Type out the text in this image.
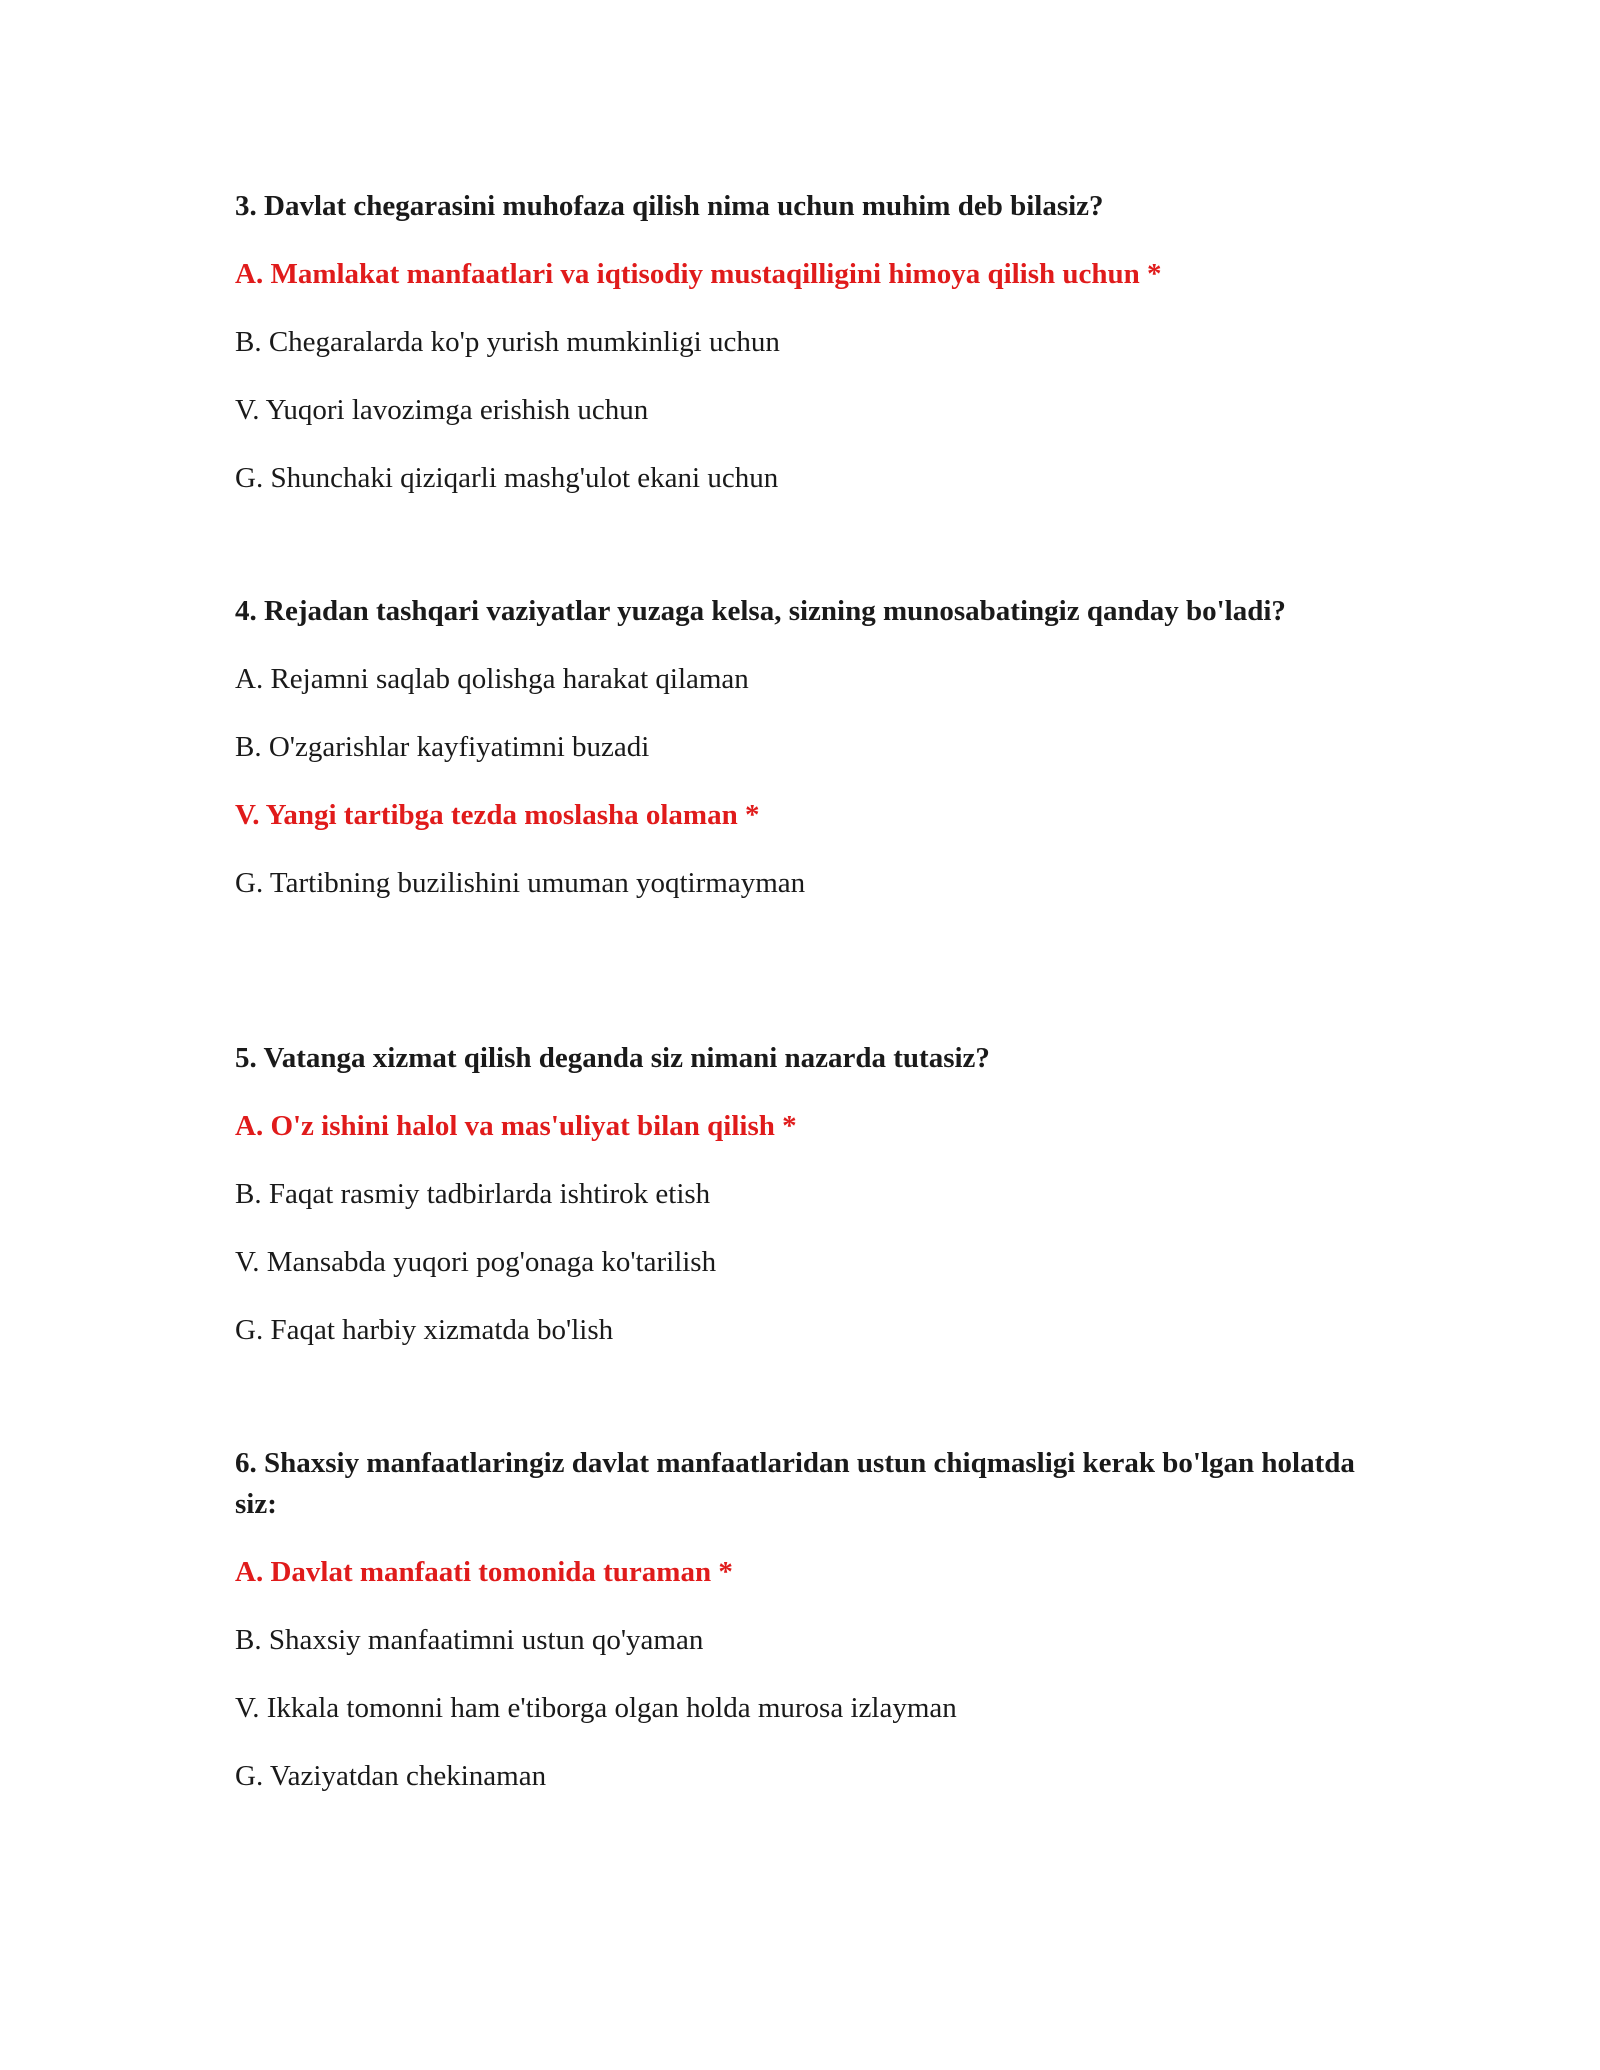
3. Davlat chegarasini muhofaza qilish nima uchun muhim deb bilasiz?
A. Mamlakat manfaatlari va iqtisodiy mustaqilligini himoya qilish uchun *
B. Chegaralarda ko'p yurish mumkinligi uchun
V. Yuqori lavozimga erishish uchun
G. Shunchaki qiziqarli mashg'ulot ekani uchun
4. Rejadan tashqari vaziyatlar yuzaga kelsa, sizning munosabatingiz qanday bo'ladi?
A. Rejamni saqlab qolishga harakat qilaman
B. O'zgarishlar kayfiyatimni buzadi
V. Yangi tartibga tezda moslasha olaman *
G. Tartibning buzilishini umuman yoqtirmayman
5. Vatanga xizmat qilish deganda siz nimani nazarda tutasiz?
A. O'z ishini halol va mas'uliyat bilan qilish *
B. Faqat rasmiy tadbirlarda ishtirok etish
V. Mansabda yuqori pog'onaga ko'tarilish
G. Faqat harbiy xizmatda bo'lish
6. Shaxsiy manfaatlaringiz davlat manfaatlaridan ustun chiqmasligi kerak bo'lgan holatda siz:
A. Davlat manfaati tomonida turaman *
B. Shaxsiy manfaatimni ustun qo'yaman
V. Ikkala tomonni ham e'tiborga olgan holda murosa izlayman
G. Vaziyatdan chekinaman
